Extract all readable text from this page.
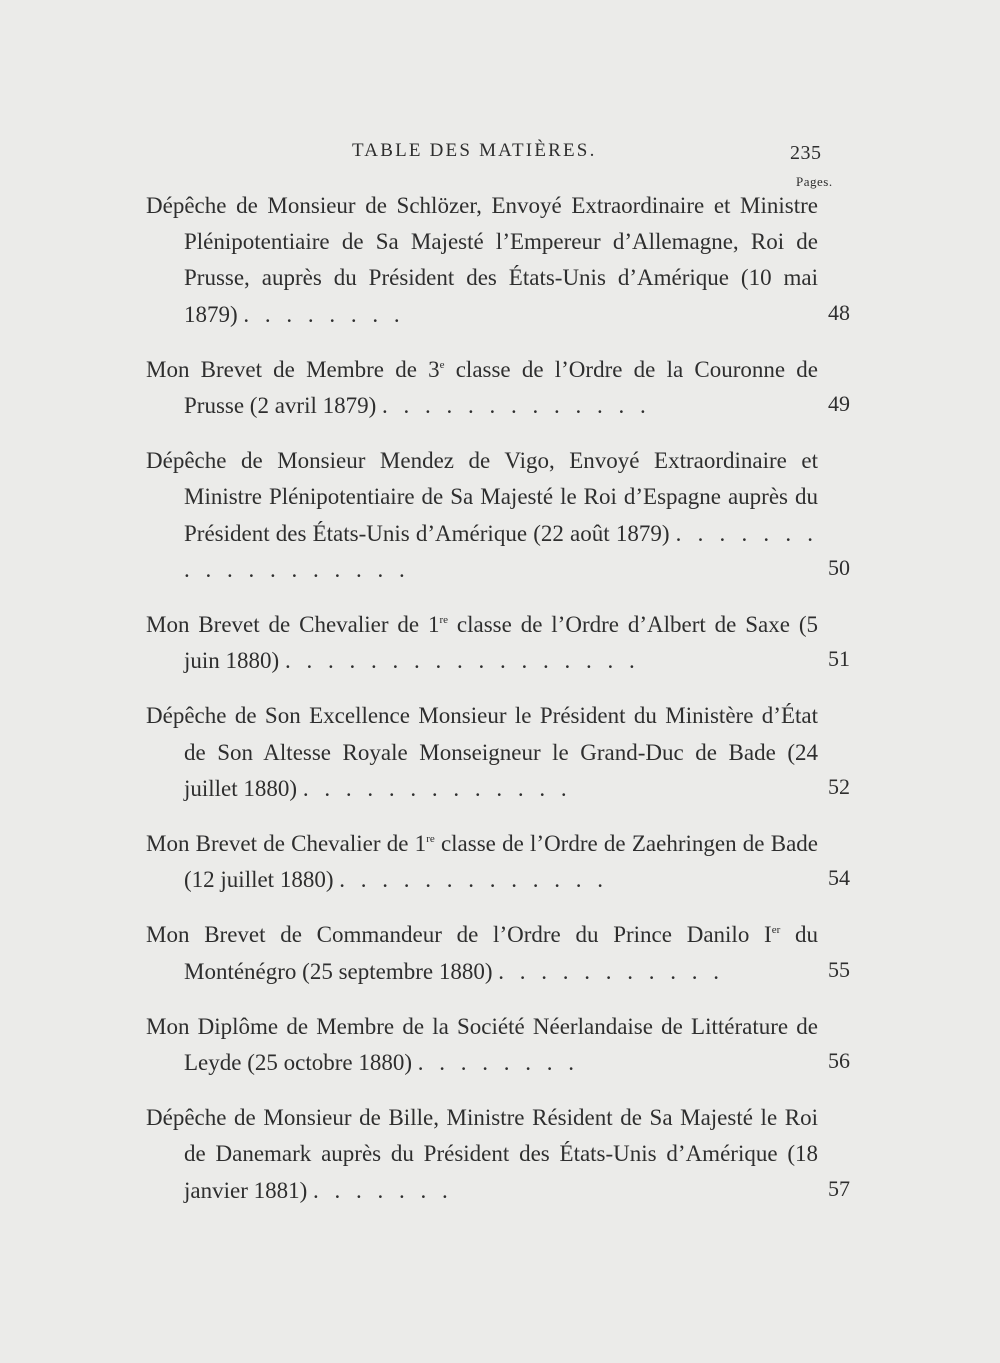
TABLE DES MATIÈRES.	235
Pages.
Dépêche de Monsieur de Schlözer, Envoyé Extraordinaire et Ministre Plénipotentiaire de Sa Majesté l’Empereur d’Allemagne, Roi de Prusse, auprès du Président des États-Unis d’Amérique (10 mai 1879) . . . . . . . .	48
Mon Brevet de Membre de 3e classe de l’Ordre de la Couronne de Prusse (2 avril 1879) . . . . . . . . . . . . .	49
Dépêche de Monsieur Mendez de Vigo, Envoyé Extraordinaire et Ministre Plénipotentiaire de Sa Majesté le Roi d’Espagne auprès du Président des États-Unis d’Amérique (22 août 1879) . . . . . . . . . . . . . . . . . .	50
Mon Brevet de Chevalier de 1re classe de l’Ordre d’Albert de Saxe (5 juin 1880) . . . . . . . . . . . . . . . . .	51
Dépêche de Son Excellence Monsieur le Président du Ministère d’État de Son Altesse Royale Monseigneur le Grand-Duc de Bade (24 juillet 1880) . . . . . . . . . . . . .	52
Mon Brevet de Chevalier de 1re classe de l’Ordre de Zaehringen de Bade (12 juillet 1880) . . . . . . . . . . . . .	54
Mon Brevet de Commandeur de l’Ordre du Prince Danilo Ier du Monténégro (25 septembre 1880) . . . . . . . . . . .	55
Mon Diplôme de Membre de la Société Néerlandaise de Littérature de Leyde (25 octobre 1880) . . . . . . . .	56
Dépêche de Monsieur de Bille, Ministre Résident de Sa Majesté le Roi de Danemark auprès du Président des États-Unis d’Amérique (18 janvier 1881) . . . . . . .	57
